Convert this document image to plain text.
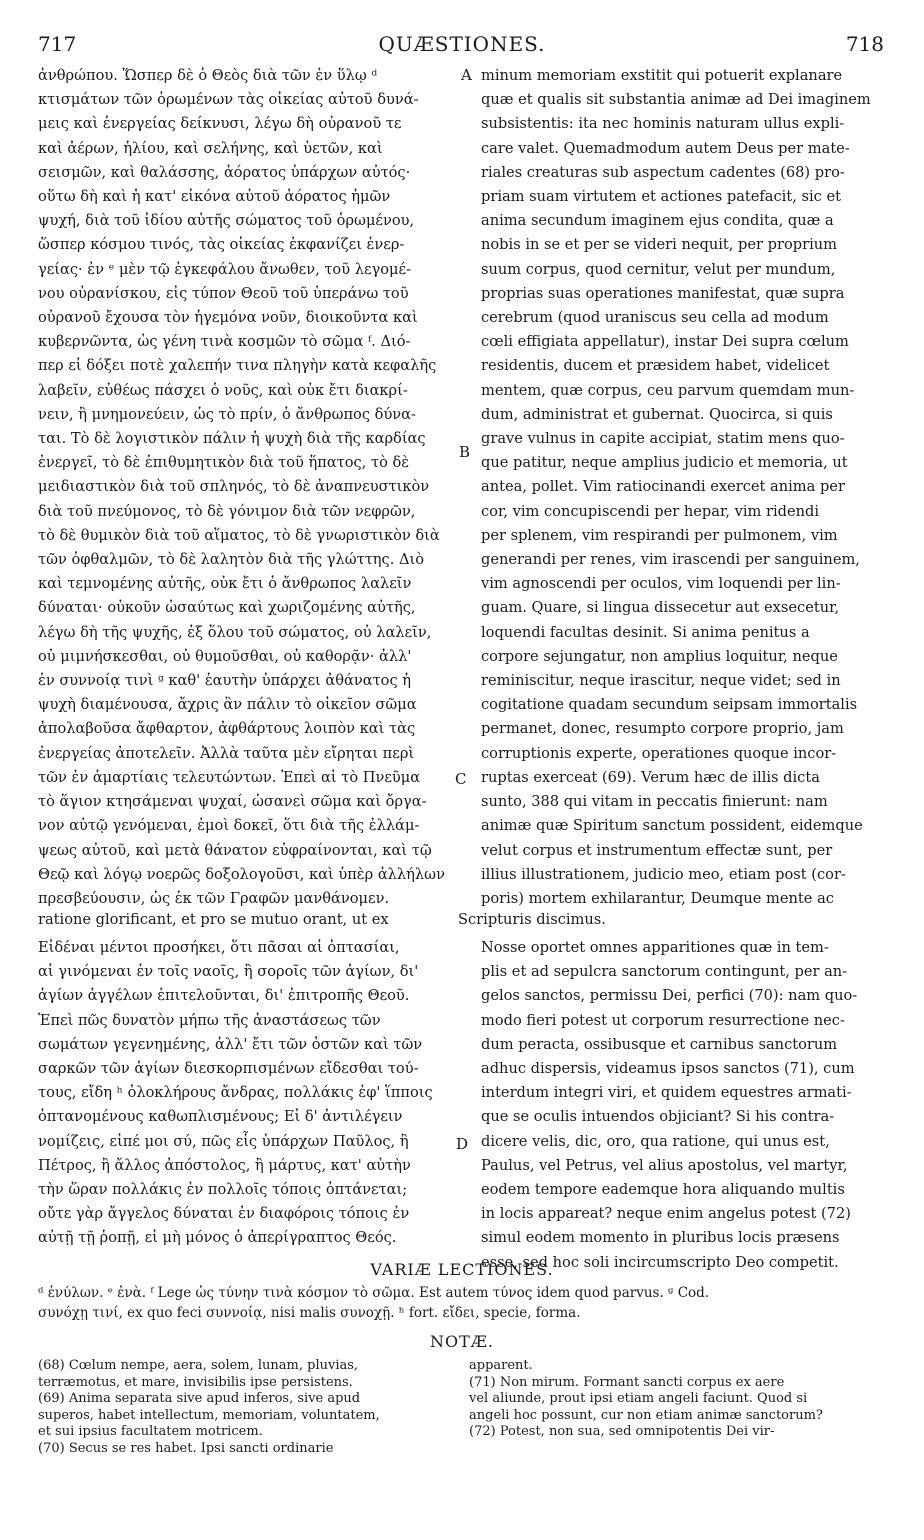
717	QUÆSTIONES.	718
ἀνθρώπου. Ὥσπερ δὲ ὁ Θεὸς διὰ τῶν ἐν ὕλῳ ᵈ
κτισμάτων τῶν ὁρωμένων τὰς οἰκείας αὐτοῦ δυνά-
μεις καὶ ἐνεργείας δείκνυσι, λέγω δὴ οὐρανοῦ τε
καὶ ἀέρων, ἡλίου, καὶ σελήνης, καὶ ὑετῶν, καὶ
σεισμῶν, καὶ θαλάσσης, ἀόρατος ὑπάρχων αὐτός·
οὕτω δὴ καὶ ἡ κατ' εἰκόνα αὐτοῦ ἀόρατος ἡμῶν
ψυχή, διὰ τοῦ ἰδίου αὐτῆς σώματος τοῦ ὁρωμένου,
ὥσπερ κόσμου τινός, τὰς οἰκείας ἐκφανίζει ἐνερ-
γείας· ἐν ᵉ μὲν τῷ ἐγκεφάλου ἄνωθεν, τοῦ λεγομέ-
νου οὐρανίσκου, εἰς τύπον Θεοῦ τοῦ ὑπεράνω τοῦ
οὐρανοῦ ἔχουσα τὸν ἡγεμόνα νοῦν, διοικοῦντα καὶ
κυβερνῶντα, ὡς γένη τινὰ κοσμῶν τὸ σῶμα ᶠ. Διό-
περ εἰ δόξει ποτὲ χαλεπήν τινα πληγὴν κατὰ κεφαλῆς
λαβεῖν, εὐθέως πάσχει ὁ νοῦς, καὶ οὐκ ἔτι διακρί-
νειν, ἢ μνημονεύειν, ὡς τὸ πρίν, ὁ ἄνθρωπος δύνα-
ται. Τὸ δὲ λογιστικὸν πάλιν ἡ ψυχὴ διὰ τῆς καρδίας
ἐνεργεῖ, τὸ δὲ ἐπιθυμητικὸν διὰ τοῦ ἥπατος, τὸ δὲ
μειδιαστικὸν διὰ τοῦ σπληνός, τὸ δὲ ἀναπνευστικὸν
διὰ τοῦ πνεύμονος, τὸ δὲ γόνιμον διὰ τῶν νεφρῶν,
τὸ δὲ θυμικὸν διὰ τοῦ αἵματος, τὸ δὲ γνωριστικὸν διὰ
τῶν ὀφθαλμῶν, τὸ δὲ λαλητὸν διὰ τῆς γλώττης. Διὸ
καὶ τεμνομένης αὐτῆς, οὐκ ἔτι ὁ ἄνθρωπος λαλεῖν
δύναται· οὐκοῦν ὡσαύτως καὶ χωριζομένης αὐτῆς,
λέγω δὴ τῆς ψυχῆς, ἐξ ὅλου τοῦ σώματος, οὐ λαλεῖν,
οὐ μιμνήσκεσθαι, οὐ θυμοῦσθαι, οὐ καθορᾷν· ἀλλ'
ἐν συννοίᾳ τινὶ ᵍ καθ' ἑαυτὴν ὑπάρχει ἀθάνατος ἡ
ψυχὴ διαμένουσα, ἄχρις ἂν πάλιν τὸ οἰκεῖον σῶμα
ἀπολαβοῦσα ἄφθαρτον, ἀφθάρτους λοιπὸν καὶ τὰς
ἐνεργείας ἀποτελεῖν. Ἀλλὰ ταῦτα μὲν εἴρηται περὶ
τῶν ἐν ἁμαρτίαις τελευτώντων. Ἐπεὶ αἱ τὸ Πνεῦμα
τὸ ἅγιον κτησάμεναι ψυχαί, ὡσανεὶ σῶμα καὶ ὄργα-
νον αὐτῷ γενόμεναι, ἐμοὶ δοκεῖ, ὅτι διὰ τῆς ἐλλάμ-
ψεως αὐτοῦ, καὶ μετὰ θάνατον εὐφραίνονται, καὶ τῷ
Θεῷ καὶ λόγῳ νοερῶς δοξολογοῦσι, καὶ ὑπὲρ ἀλλήλων
πρεσβεύουσιν, ὡς ἐκ τῶν Γραφῶν μανθάνομεν.
minum memoriam exstitit qui potuerit explanare
quæ et qualis sit substantia animæ ad Dei imaginem
subsistentis: ita nec hominis naturam ullus expli-
care valet. Quemadmodum autem Deus per mate-
riales creaturas sub aspectum cadentes (68) pro-
priam suam virtutem et actiones patefacit, sic et
anima secundum imaginem ejus condita, quæ a
nobis in se et per se videri nequit, per proprium
suum corpus, quod cernitur, velut per mundum,
proprias suas operationes manifestat, quæ supra
cerebrum (quod uraniscus seu cella ad modum
cœli effigiata appellatur), instar Dei supra cœlum
residentis, ducem et præsidem habet, videlicet
mentem, quæ corpus, ceu parvum quemdam mun-
dum, administrat et gubernat. Quocirca, si quis
grave vulnus in capite accipiat, statim mens quo-
que patitur, neque amplius judicio et memoria, ut
antea, pollet. Vim ratiocinandi exercet anima per
cor, vim concupiscendi per hepar, vim ridendi
per splenem, vim respirandi per pulmonem, vim
generandi per renes, vim irascendi per sanguinem,
vim agnoscendi per oculos, vim loquendi per lin-
guam. Quare, si lingua dissecetur aut exsecetur,
loquendi facultas desinit. Si anima penitus a
corpore sejungatur, non amplius loquitur, neque
reminiscitur, neque irascitur, neque videt; sed in
cogitatione quadam secundum seipsam immortalis
permanet, donec, resumpto corpore proprio, jam
corruptionis experte, operationes quoque incor-
ruptas exerceat (69). Verum hæc de illis dicta
sunto, 388 qui vitam in peccatis finierunt: nam
animæ quæ Spiritum sanctum possident, eidemque
velut corpus et instrumentum effectæ sunt, per
illius illustrationem, judicio meo, etiam post (cor-
poris) mortem exhilarantur, Deumque mente ac
A
B
C
D
ratione glorificant, et pro se mutuo orant, ut ex	Scripturis discimus.
Εἰδέναι μέντοι προσήκει, ὅτι πᾶσαι αἱ ὀπτασίαι,
αἱ γινόμεναι ἐν τοῖς ναοῖς, ἢ σοροῖς τῶν ἁγίων, δι'
ἁγίων ἀγγέλων ἐπιτελοῦνται, δι' ἐπιτροπῆς Θεοῦ.
Ἐπεὶ πῶς δυνατὸν μήπω τῆς ἀναστάσεως τῶν
σωμάτων γεγενημένης, ἀλλ' ἔτι τῶν ὀστῶν καὶ τῶν
σαρκῶν τῶν ἁγίων διεσκορπισμένων εἴδεσθαι τού-
τους, εἴδη ʰ ὁλοκλήρους ἄνδρας, πολλάκις ἐφ' ἵπποις
ὀπτανομένους καθωπλισμένους; Εἰ δ' ἀντιλέγειν
νομίζεις, εἰπέ μοι σύ, πῶς εἷς ὑπάρχων Παῦλος, ἢ
Πέτρος, ἢ ἄλλος ἀπόστολος, ἢ μάρτυς, κατ' αὐτὴν
τὴν ὥραν πολλάκις ἐν πολλοῖς τόποις ὀπτάνεται;
οὔτε γὰρ ἄγγελος δύναται ἐν διαφόροις τόποις ἐν
αὐτῇ τῇ ῥοπῇ, εἰ μὴ μόνος ὁ ἀπερίγραπτος Θεός.
Nosse oportet omnes apparitiones quæ in tem-
plis et ad sepulcra sanctorum contingunt, per an-
gelos sanctos, permissu Dei, perfici (70): nam quo-
modo fieri potest ut corporum resurrectione nec-
dum peracta, ossibusque et carnibus sanctorum
adhuc dispersis, videamus ipsos sanctos (71), cum
interdum integri viri, et quidem equestres armati-
que se oculis intuendos objiciant? Si his contra-
dicere velis, dic, oro, qua ratione, qui unus est,
Paulus, vel Petrus, vel alius apostolus, vel martyr,
eodem tempore eademque hora aliquando multis
in locis appareat? neque enim angelus potest (72)
simul eodem momento in pluribus locis præsens
esse, sed hoc soli incircumscripto Deo competit.
VARIÆ LECTIONES.
ᵈ ἐνύλων. ᵉ ἐνὰ. ᶠ Lege ὡς τύνην τινὰ κόσμον τὸ σῶμα. Est autem τύνος idem quod parvus. ᵍ Cod.
συνόχῃ τινί, ex quo feci συννοίᾳ, nisi malis συνοχῇ. ʰ fort. εἴδει, specie, forma.
NOTÆ.
(68) Cœlum nempe, aera, solem, lunam, pluvias,
terræmotus, et mare, invisibilis ipse persistens.
(69) Anima separata sive apud inferos, sive apud
superos, habet intellectum, memoriam, voluntatem,
et sui ipsius facultatem motricem.
(70) Secus se res habet. Ipsi sancti ordinarie
apparent.
(71) Non mirum. Formant sancti corpus ex aere
vel aliunde, prout ipsi etiam angeli faciunt. Quod si
angeli hoc possunt, cur non etiam animæ sanctorum?
(72) Potest, non sua, sed omnipotentis Dei vir-
